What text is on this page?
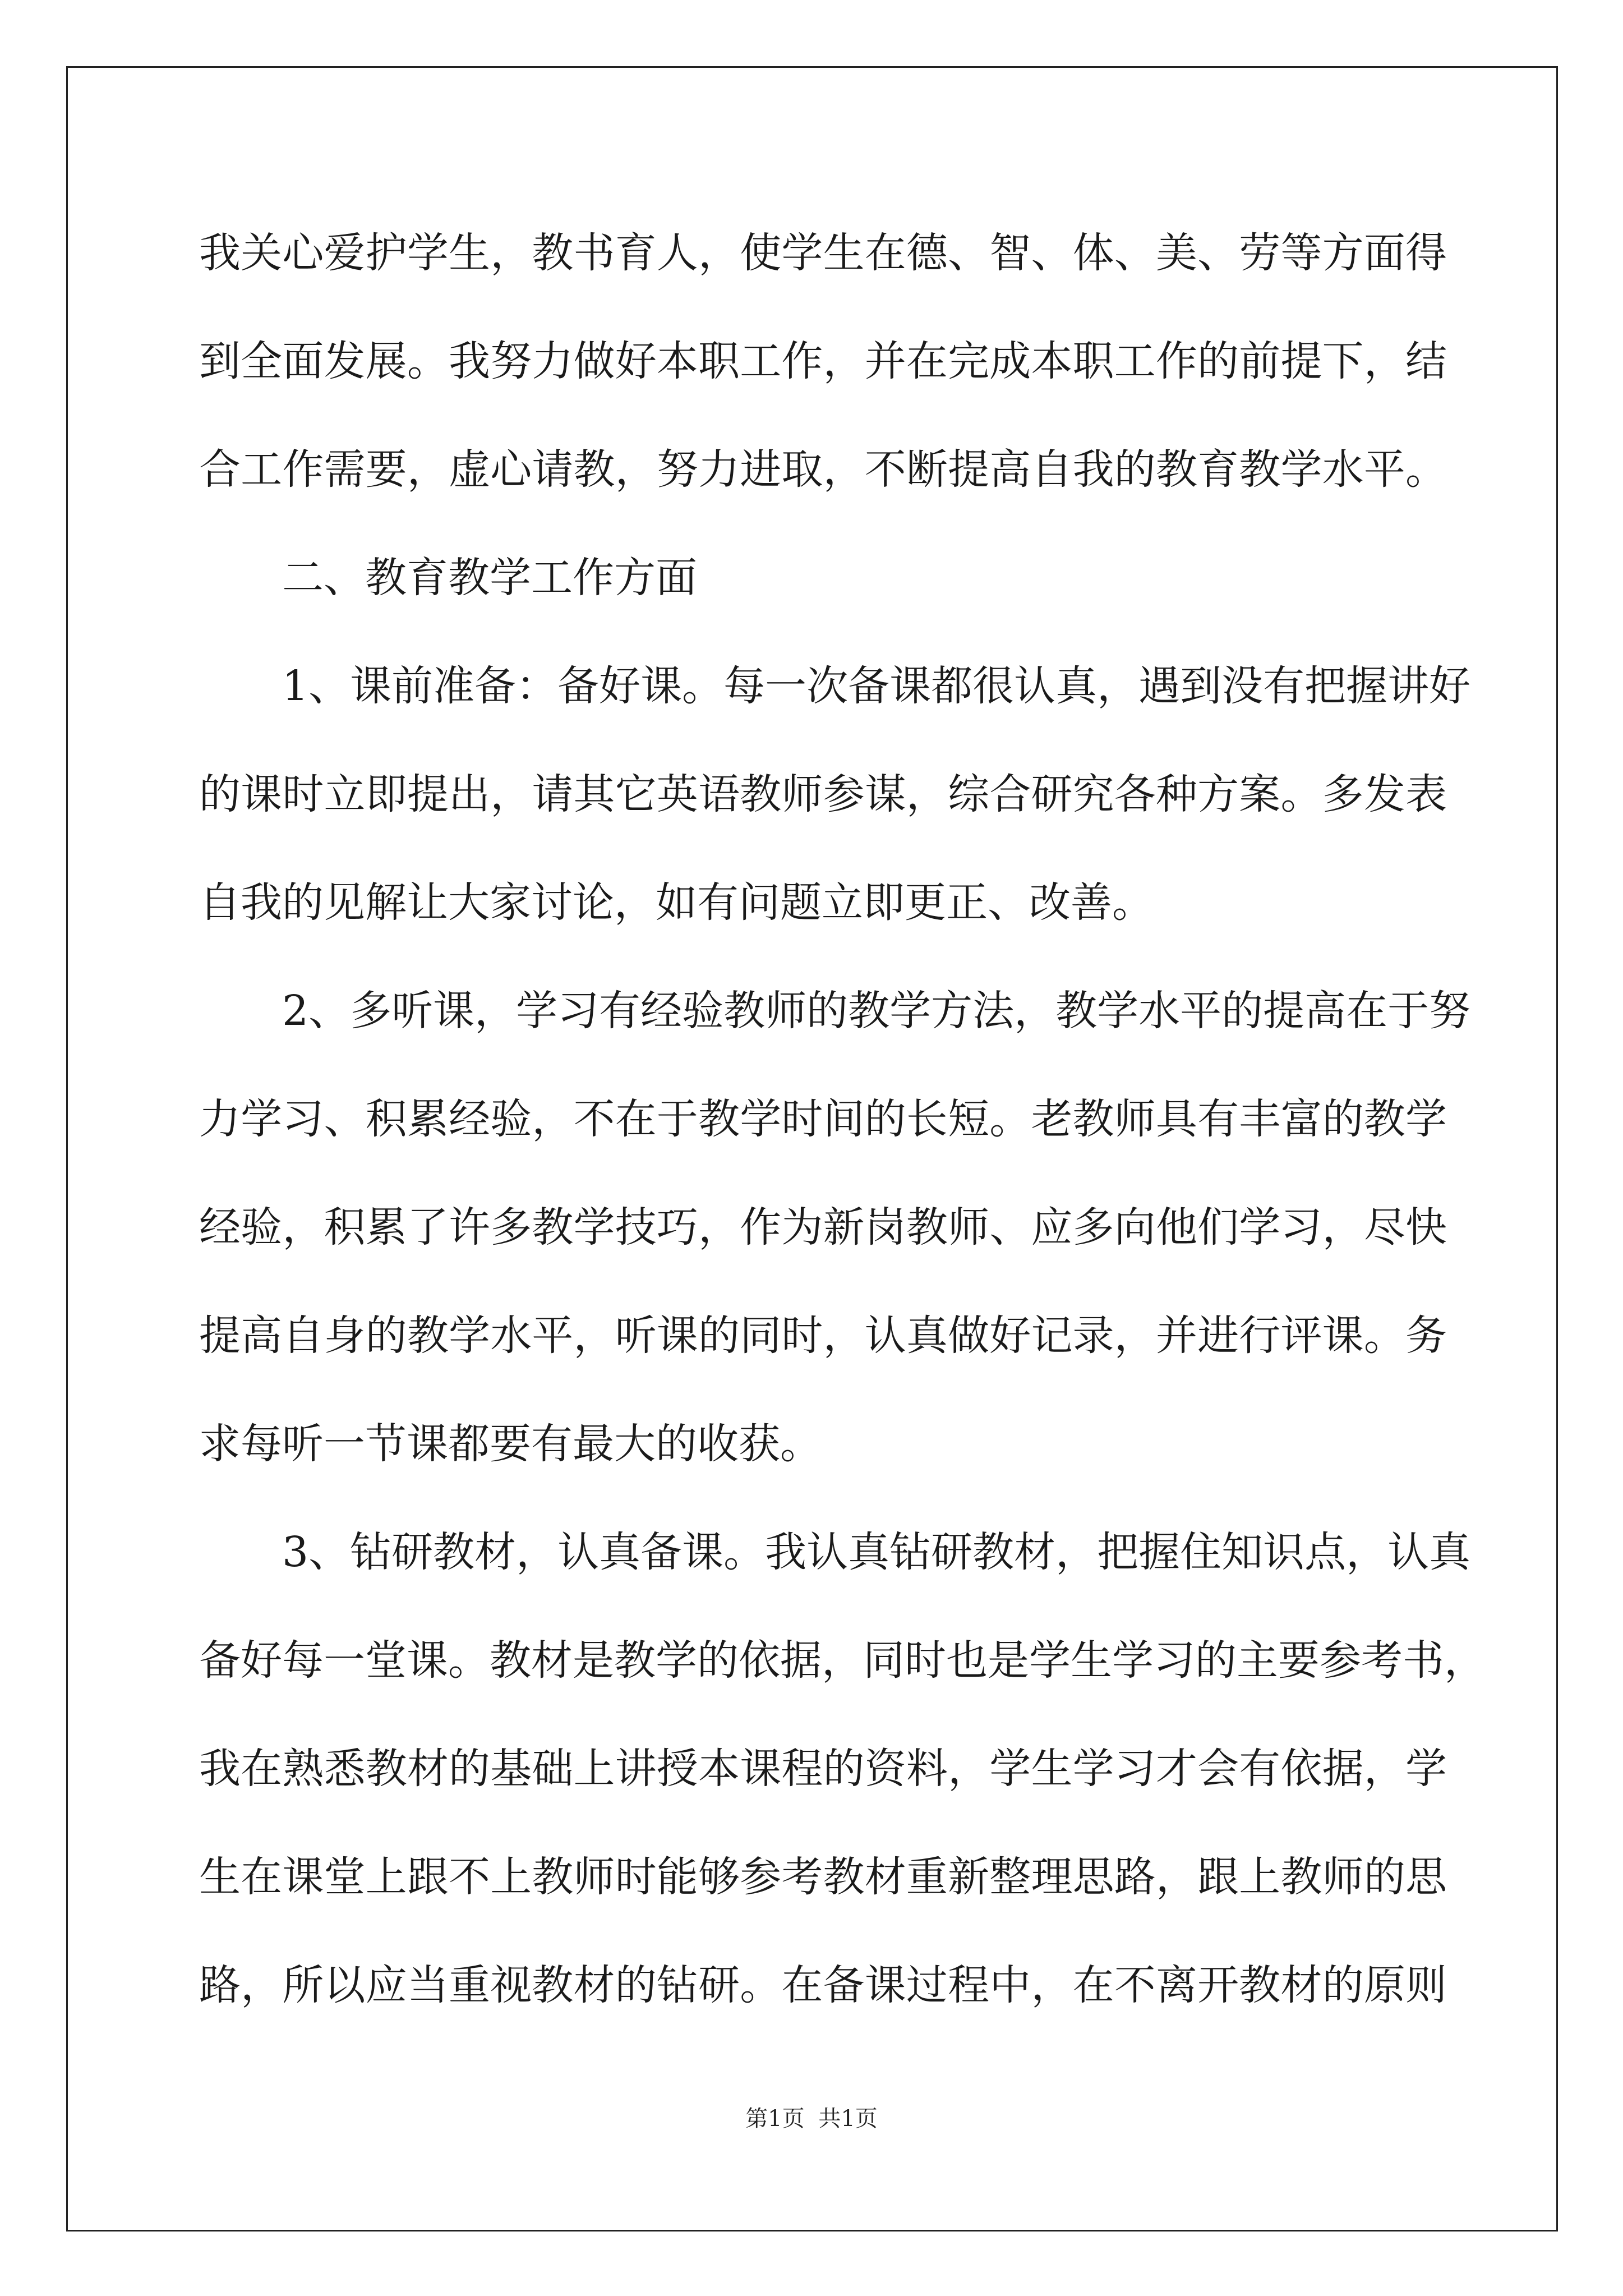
我关心爱护学生，教书育人，使学生在德、智、体、美、劳等方面得
到全面发展。我努力做好本职工作，并在完成本职工作的前提下，结
合工作需要，虚心请教，努力进取，不断提高自我的教育教学水平。
二、教育教学工作方面
1、课前准备：备好课。每一次备课都很认真，遇到没有把握讲好
的课时立即提出，请其它英语教师参谋，综合研究各种方案。多发表
自我的见解让大家讨论，如有问题立即更正、改善。
2、多听课，学习有经验教师的教学方法，教学水平的提高在于努
力学习、积累经验，不在于教学时间的长短。老教师具有丰富的教学
经验，积累了许多教学技巧，作为新岗教师、应多向他们学习，尽快
提高自身的教学水平，听课的同时，认真做好记录，并进行评课。务
求每听一节课都要有最大的收获。
3、钻研教材，认真备课。我认真钻研教材，把握住知识点，认真
备好每一堂课。教材是教学的依据，同时也是学生学习的主要参考书，
我在熟悉教材的基础上讲授本课程的资料，学生学习才会有依据，学
生在课堂上跟不上教师时能够参考教材重新整理思路，跟上教师的思
路，所以应当重视教材的钻研。在备课过程中，在不离开教材的原则
第1页 共1页
